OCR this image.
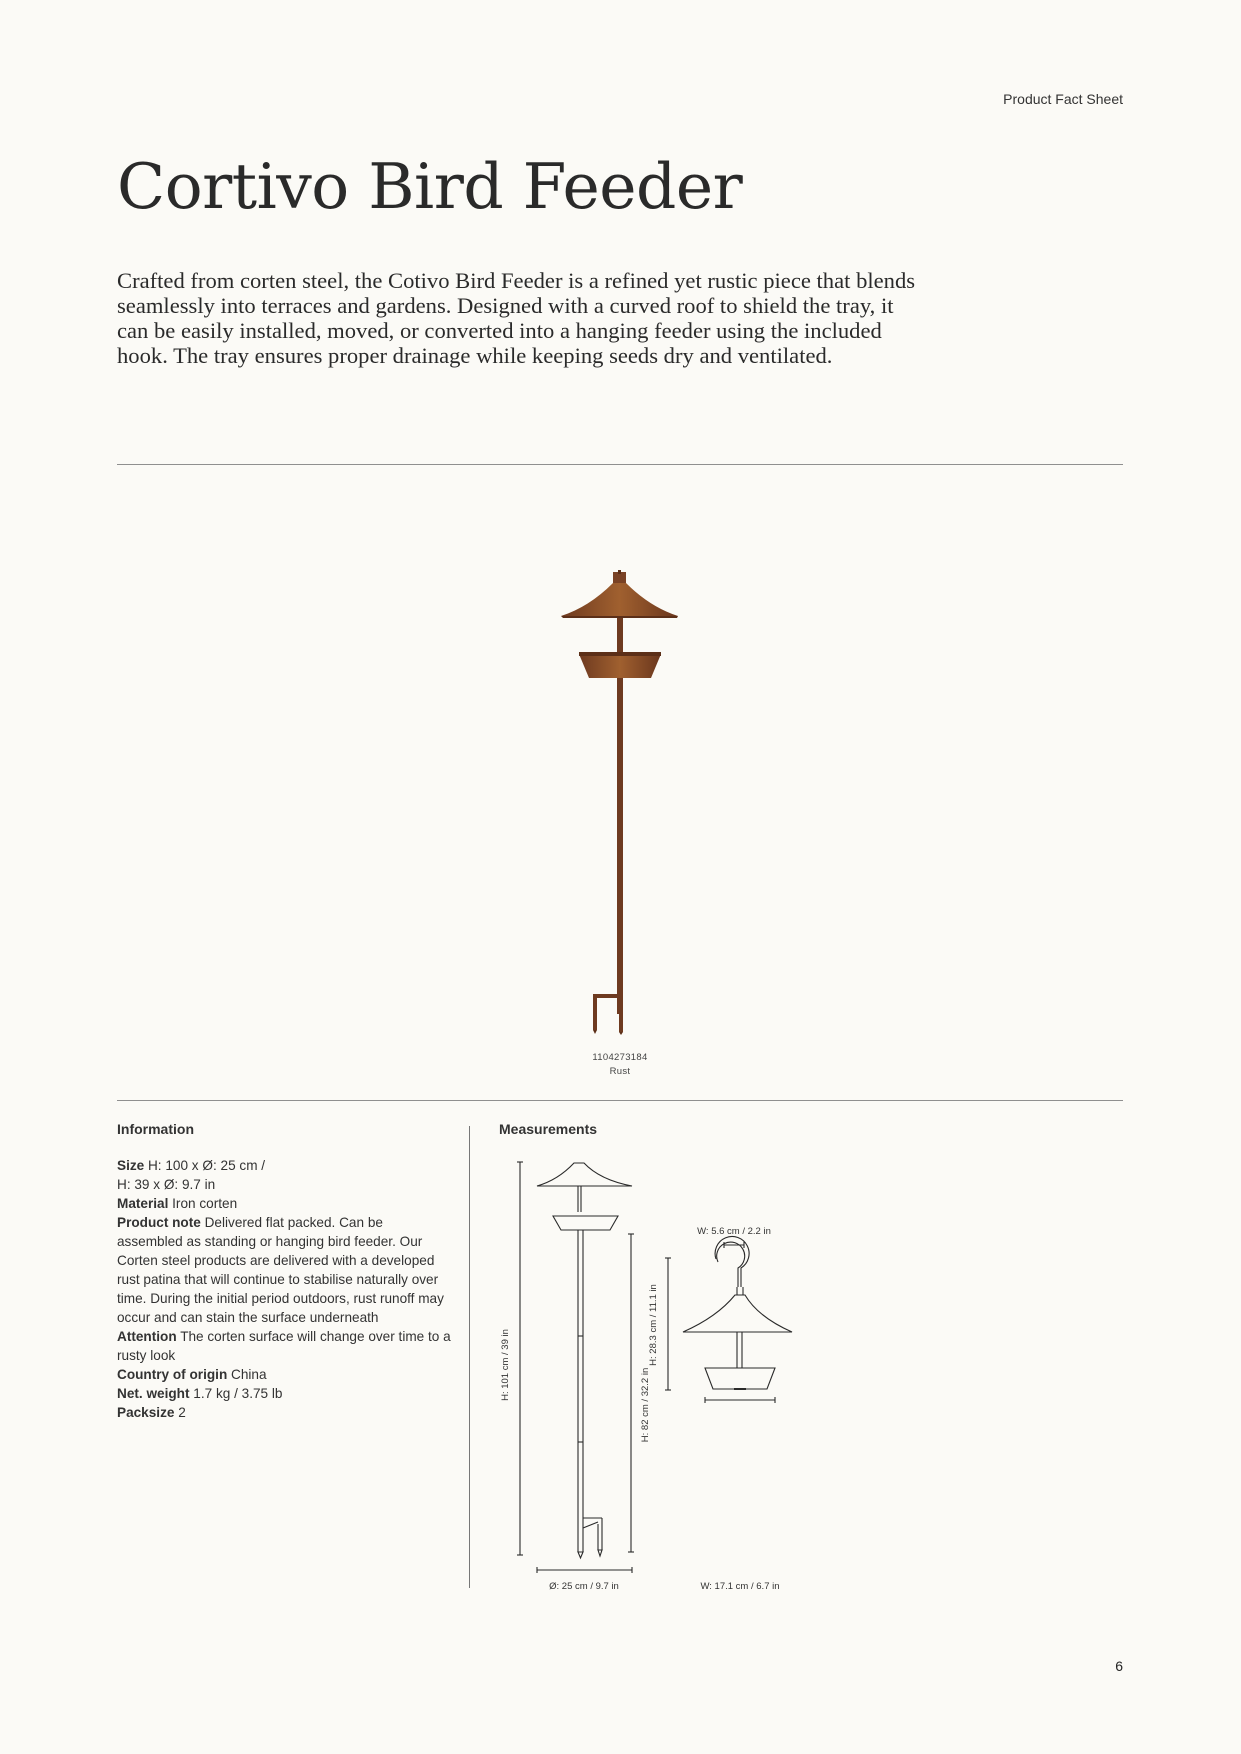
Product Fact Sheet
Cortivo Bird Feeder

Crafted from corten steel, the Cotivo Bird Feeder is a refined yet rustic piece that blends seamlessly into terraces and gardens. Designed with a curved roof to shield the tray, it can be easily installed, moved, or converted into a hanging feeder using the included hook. The tray ensures proper drainage while keeping seeds dry and ventilated.

1104273184
Rust
Information

Size H: 100 x Ø: 25 cm /
H: 39 x Ø: 9.7 in

Material Iron corten

Product note Delivered flat packed. Can be assembled as standing or hanging bird feeder. Our Corten steel products are delivered with a developed rust patina that will continue to stabilise naturally over time. During the initial period outdoors, rust runoff may occur and can stain the surface underneath

Attention The corten surface will change over time to a rusty look

Country of origin China

Net. weight 1.7 kg / 3.75 lb

Packsize 2

Measurements
H: 101 cm / 39 in
H: 82 cm / 32.2 in
Ø: 25 cm / 9.7 in
W: 5.6 cm / 2.2 in
H: 28.3 cm / 11.1 in
W: 17.1 cm / 6.7 in
6
